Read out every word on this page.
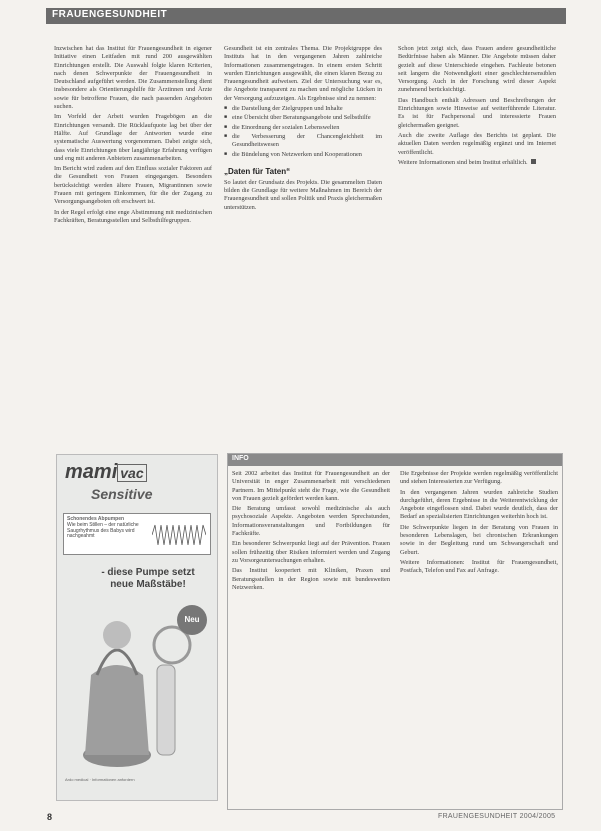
FRAUENGESUNDHEIT

Inzwischen hat das Institut für Frauengesundheit in eigener Initiative einen Leitfaden mit rund 200 ausgewählten Einrichtungen erstellt. Die Auswahl folgte klaren Kriterien, nach denen Schwerpunkte der Frauengesundheit in Deutschland aufgeführt werden. Die Zusammenstellung dient insbesondere als Orientierungshilfe für Ärztinnen und Ärzte sowie für betroffene Frauen, die nach passenden Angeboten suchen.

Im Vorfeld der Arbeit wurden Fragebögen an die Einrichtungen versandt. Die Rücklaufquote lag bei über der Hälfte. Auf Grundlage der Antworten wurde eine systematische Auswertung vorgenommen. Dabei zeigte sich, dass viele Einrichtungen über langjährige Erfahrung verfügen und eng mit anderen Anbietern zusammenarbeiten.

Im Bericht wird zudem auf den Einfluss sozialer Faktoren auf die Gesundheit von Frauen eingegangen. Besonders berücksichtigt werden ältere Frauen, Migrantinnen sowie Frauen mit geringem Einkommen, für die der Zugang zu Versorgungsangeboten oft erschwert ist.

In der Regel erfolgt eine enge Abstimmung mit medizinischen Fachkräften, Beratungsstellen und Selbsthilfegruppen.

Gesundheit ist ein zentrales Thema. Die Projektgruppe des Instituts hat in den vergangenen Jahren zahlreiche Informationen zusammengetragen. In einem ersten Schritt wurden Einrichtungen ausgewählt, die einen klaren Bezug zu Frauengesundheit aufweisen. Ziel der Untersuchung war es, die Angebote transparent zu machen und mögliche Lücken in der Versorgung aufzuzeigen. Als Ergebnisse sind zu nennen:

■ die Darstellung der Zielgruppen und Inhalte
■ eine Übersicht über Beratungsangebote und Selbsthilfe
■ die Einordnung der sozialen Lebenswelten
■ die Verbesserung der Chancengleichheit im Gesundheitswesen
■ die Bündelung von Netzwerken und Kooperationen
„Daten für Taten“

So lautet der Grundsatz des Projekts. Die gesammelten Daten bilden die Grundlage für weitere Maßnahmen im Bereich der Frauengesundheit und sollen Politik und Praxis gleichermaßen unterstützen.

Schon jetzt zeigt sich, dass Frauen andere gesundheitliche Bedürfnisse haben als Männer. Die Angebote müssen daher gezielt auf diese Unterschiede eingehen. Fachleute betonen seit langem die Notwendigkeit einer geschlechtersensiblen Versorgung. Auch in der Forschung wird dieser Aspekt zunehmend berücksichtigt.

Das Handbuch enthält Adressen und Beschreibungen der Einrichtungen sowie Hinweise auf weiterführende Literatur. Es ist für Fachpersonal und interessierte Frauen gleichermaßen geeignet.

Auch die zweite Auflage des Berichts ist geplant. Die aktuellen Daten werden regelmäßig ergänzt und im Internet veröffentlicht.

Weitere Informationen sind beim Institut erhältlich.

mami vac
Sensitive
Schonendes Abpumpen
Wie beim Stillen – der natürliche Saugrhythmus des Babys wird nachgeahmt
- diese Pumpe setzt
neue Maßstäbe!
Neu
Ardo medical · Informationen anfordern
INFO

Seit 2002 arbeitet das Institut für Frauengesundheit an der Universität in enger Zusammenarbeit mit verschiedenen Partnern. Im Mittelpunkt steht die Frage, wie die Gesundheit von Frauen gezielt gefördert werden kann.

Die Beratung umfasst sowohl medizinische als auch psychosoziale Aspekte. Angeboten werden Sprechstunden, Informationsveranstaltungen und Fortbildungen für Fachkräfte.

Ein besonderer Schwerpunkt liegt auf der Prävention. Frauen sollen frühzeitig über Risiken informiert werden und Zugang zu Vorsorgeuntersuchungen erhalten.

Das Institut kooperiert mit Kliniken, Praxen und Beratungsstellen in der Region sowie mit bundesweiten Netzwerken.

Die Ergebnisse der Projekte werden regelmäßig veröffentlicht und stehen Interessierten zur Verfügung.

In den vergangenen Jahren wurden zahlreiche Studien durchgeführt, deren Ergebnisse in die Weiterentwicklung der Angebote eingeflossen sind. Dabei wurde deutlich, dass der Bedarf an spezialisierten Einrichtungen weiterhin hoch ist.

Die Schwerpunkte liegen in der Beratung von Frauen in besonderen Lebenslagen, bei chronischen Erkrankungen sowie in der Begleitung rund um Schwangerschaft und Geburt.

Weitere Informationen: Institut für Frauengesundheit, Postfach, Telefon und Fax auf Anfrage.

8	FRAUENGESUNDHEIT 2004/2005
